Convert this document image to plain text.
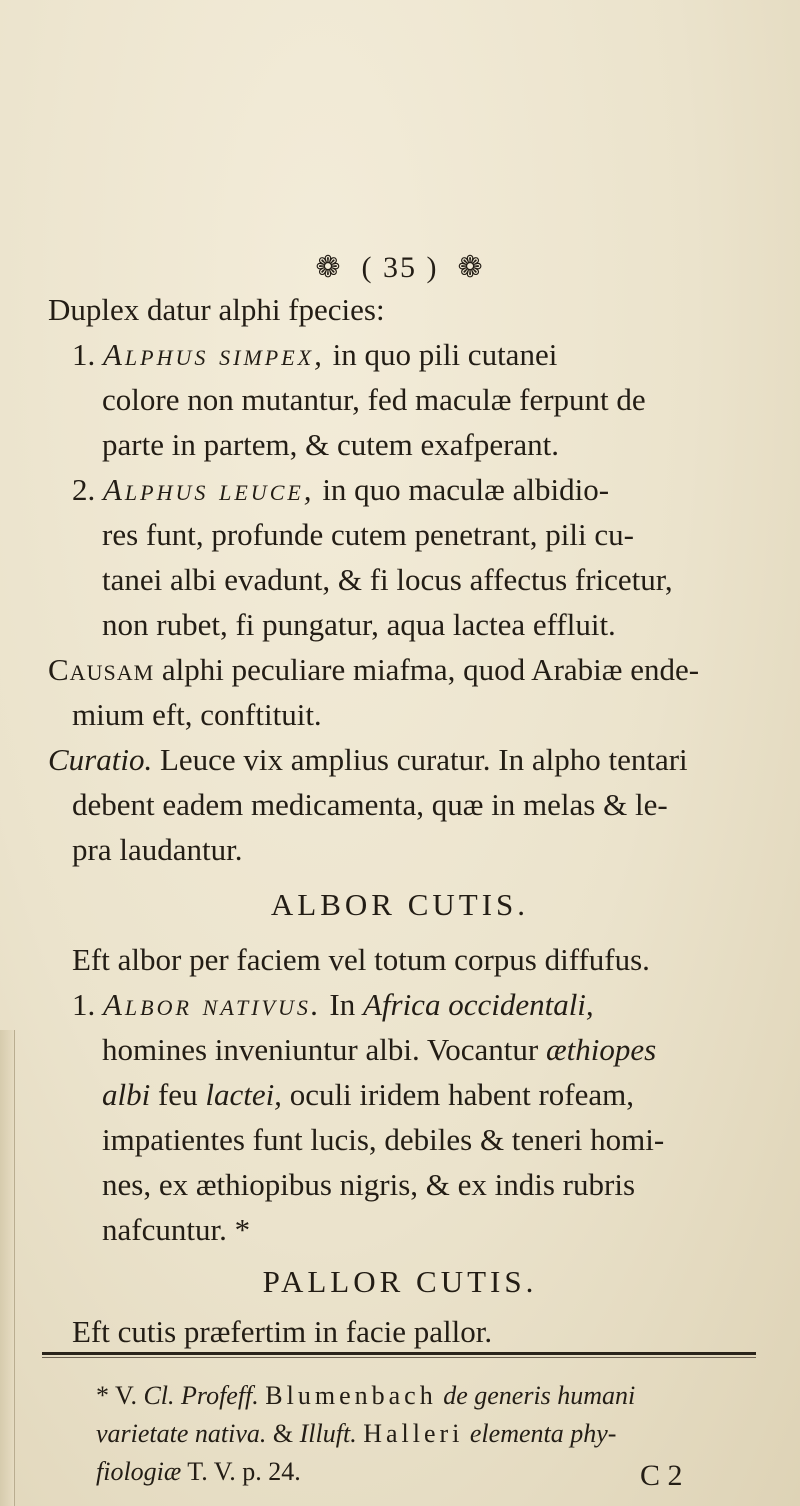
❁ ( 35 ) ❁
Duplex datur alphi fpecies:
1. Alphus simpex, in quo pili cutanei
colore non mutantur, fed maculæ ferpunt de
parte in partem, & cutem exafperant.
2. Alphus leuce, in quo maculæ albidio-
res funt, profunde cutem penetrant, pili cu-
tanei albi evadunt, & fi locus affectus fricetur,
non rubet, fi pungatur, aqua lactea effluit.
Causam alphi peculiare miafma, quod Arabiæ ende-
mium eft, conftituit.
Curatio. Leuce vix amplius curatur. In alpho tentari
debent eadem medicamenta, quæ in melas & le-
pra laudantur.
ALBOR CUTIS.
Eft albor per faciem vel totum corpus diffufus.
1. Albor nativus. In Africa occidentali,
homines inveniuntur albi. Vocantur æthiopes
albi feu lactei, oculi iridem habent rofeam,
impatientes funt lucis, debiles & teneri homi-
nes, ex æthiopibus nigris, & ex indis rubris
nafcuntur. *
PALLOR CUTIS.
Eft cutis præfertim in facie pallor.
* V. Cl. Profeff. Blumenbach de generis humani
varietate nativa. & Illuft. Halleri elementa phy-
fiologiæ T. V. p. 24.	C 2
